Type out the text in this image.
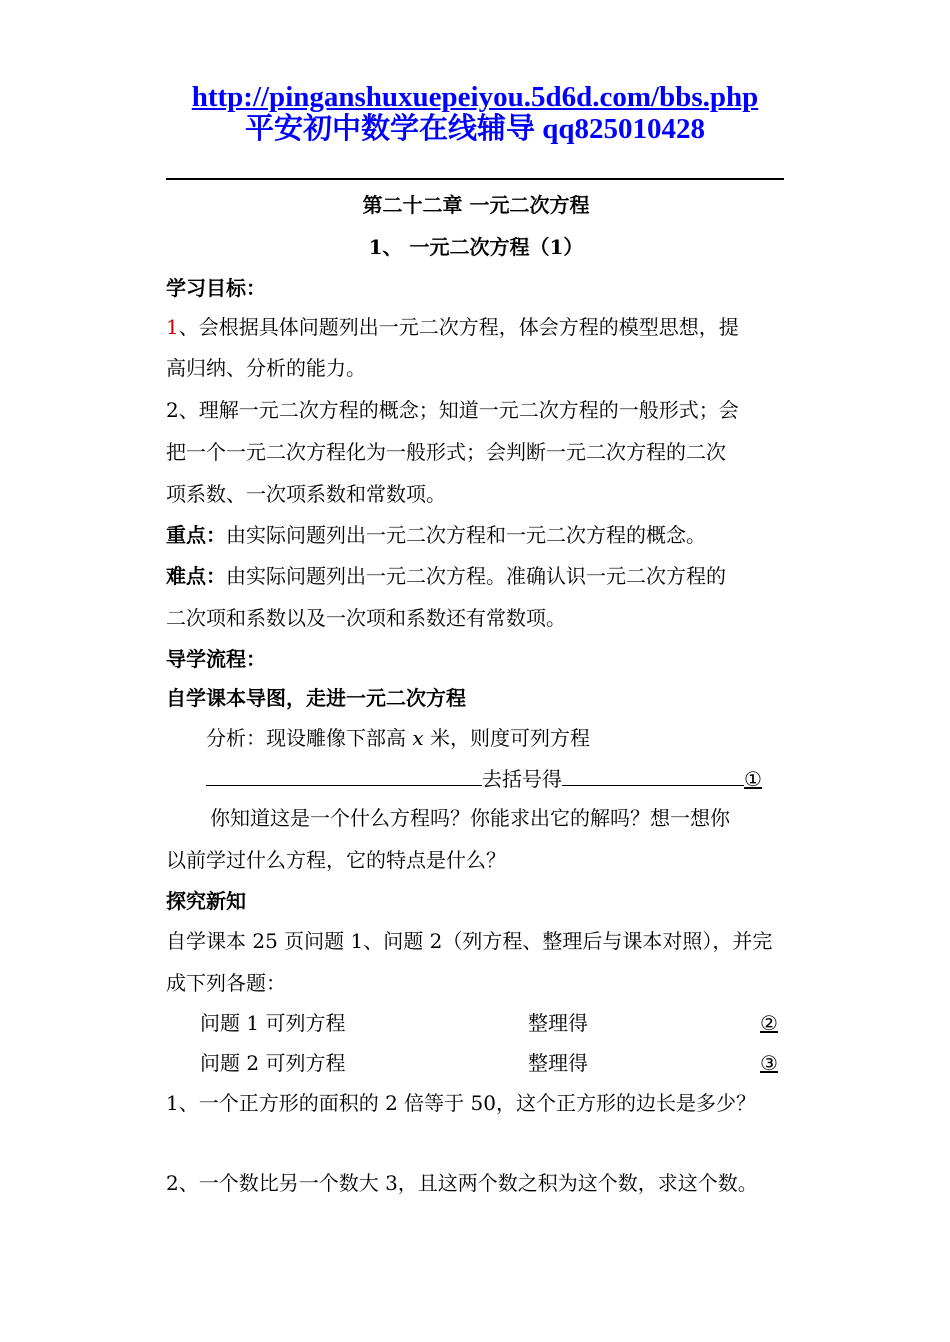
http://pinganshuxuepeiyou.5d6d.com/bbs.php
平安初中数学在线辅导 qq825010428
第二十二章 一元二次方程
1、 一元二次方程（1）
学习目标：
1、会根据具体问题列出一元二次方程，体会方程的模型思想，提
高归纳、分析的能力。
2、理解一元二次方程的概念；知道一元二次方程的一般形式；会
把一个一元二次方程化为一般形式；会判断一元二次方程的二次
项系数、一次项系数和常数项。
重点：由实际问题列出一元二次方程和一元二次方程的概念。
难点：由实际问题列出一元二次方程。准确认识一元二次方程的
二次项和系数以及一次项和系数还有常数项。
导学流程：
自学课本导图，走进一元二次方程
分析：现设雕像下部高 x 米，则度可列方程
去括号得	①
你知道这是一个什么方程吗？你能求出它的解吗？想一想你
以前学过什么方程，它的特点是什么？
探究新知
自学课本 25 页问题 1、问题 2（列方程、整理后与课本对照），并完
成下列各题：
问题 1 可列方程	整理得	②
问题 2 可列方程	整理得	③
1、一个正方形的面积的 2 倍等于 50，这个正方形的边长是多少？
2、一个数比另一个数大 3，且这两个数之积为这个数，求这个数。
